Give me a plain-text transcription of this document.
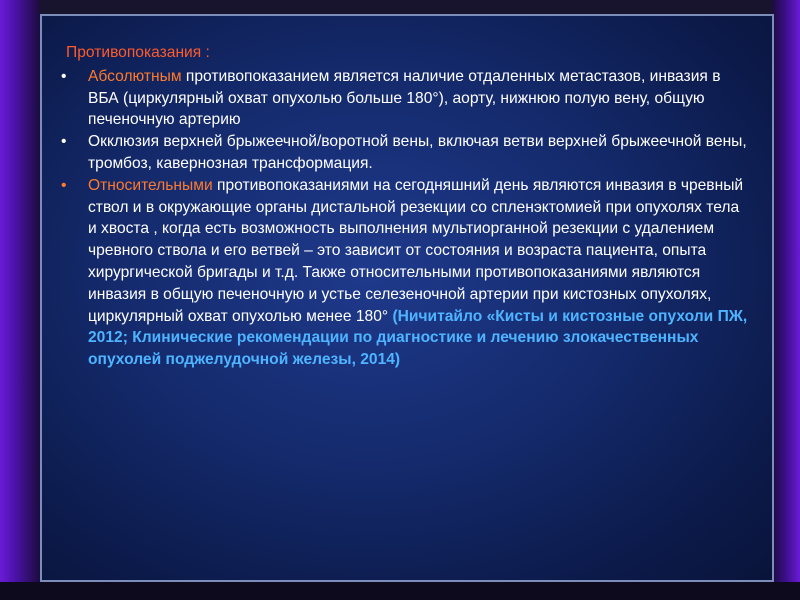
Противопоказания :
• Абсолютным противопоказанием является наличие отдаленных метастазов, инвазия в ВБА (циркулярный охват опухолью больше 180°), аорту, нижнюю полую вену, общую печеночную артерию
• Окклюзия верхней брыжеечной/воротной вены, включая ветви верхней брыжеечной вены, тромбоз, кавернозная трансформация.
• Относительными противопоказаниями на сегодняшний день являются инвазия в чревный ствол и в окружающие органы дистальной резекции со спленэктомией при опухолях тела и хвоста , когда есть возможность выполнения мультиорганной резекции с удалением чревного ствола и его ветвей – это зависит от состояния и возраста пациента, опыта хирургической бригады и т.д. Также относительными противопоказаниями являются инвазия в общую печеночную и устье селезеночной артерии при кистозных опухолях, циркулярный охват опухолью менее 180° (Ничитайло «Кисты и кистозные опухоли ПЖ, 2012; Клинические рекомендации по диагностике и лечению злокачественных опухолей поджелудочной железы, 2014)
